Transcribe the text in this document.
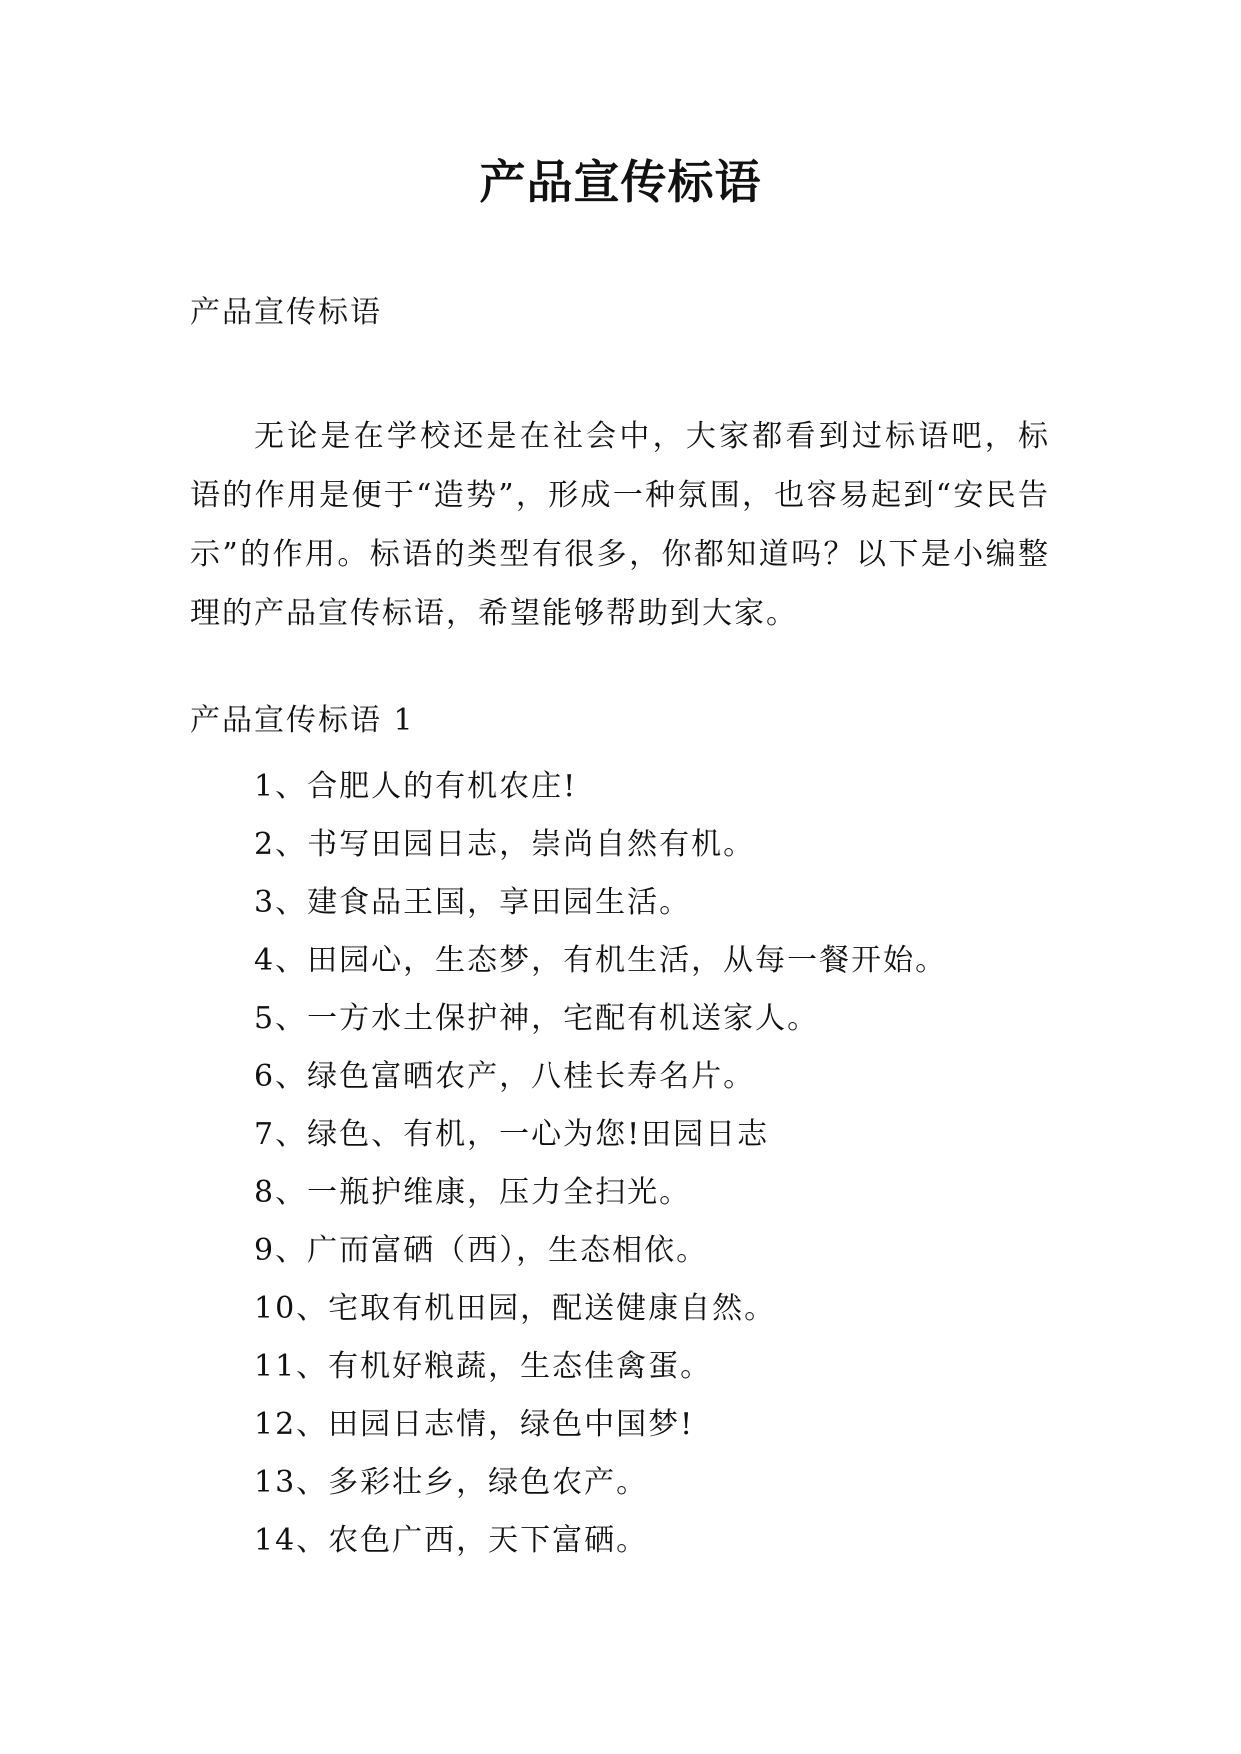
产品宣传标语

产品宣传标语

无论是在学校还是在社会中，大家都看到过标语吧，标语的作用是便于“造势”，形成一种氛围，也容易起到“安民告示”的作用。标语的类型有很多，你都知道吗？以下是小编整理的产品宣传标语，希望能够帮助到大家。

产品宣传标语 1

1、合肥人的有机农庄!
2、书写田园日志，崇尚自然有机。
3、建食品王国，享田园生活。
4、田园心，生态梦，有机生活，从每一餐开始。
5、一方水土保护神，宅配有机送家人。
6、绿色富晒农产，八桂长寿名片。
7、绿色、有机，一心为您!田园日志
8、一瓶护维康，压力全扫光。
9、广而富硒（西），生态相依。
10、宅取有机田园，配送健康自然。
11、有机好粮蔬，生态佳禽蛋。
12、田园日志情，绿色中国梦!
13、多彩壮乡，绿色农产。
14、农色广西，天下富硒。
